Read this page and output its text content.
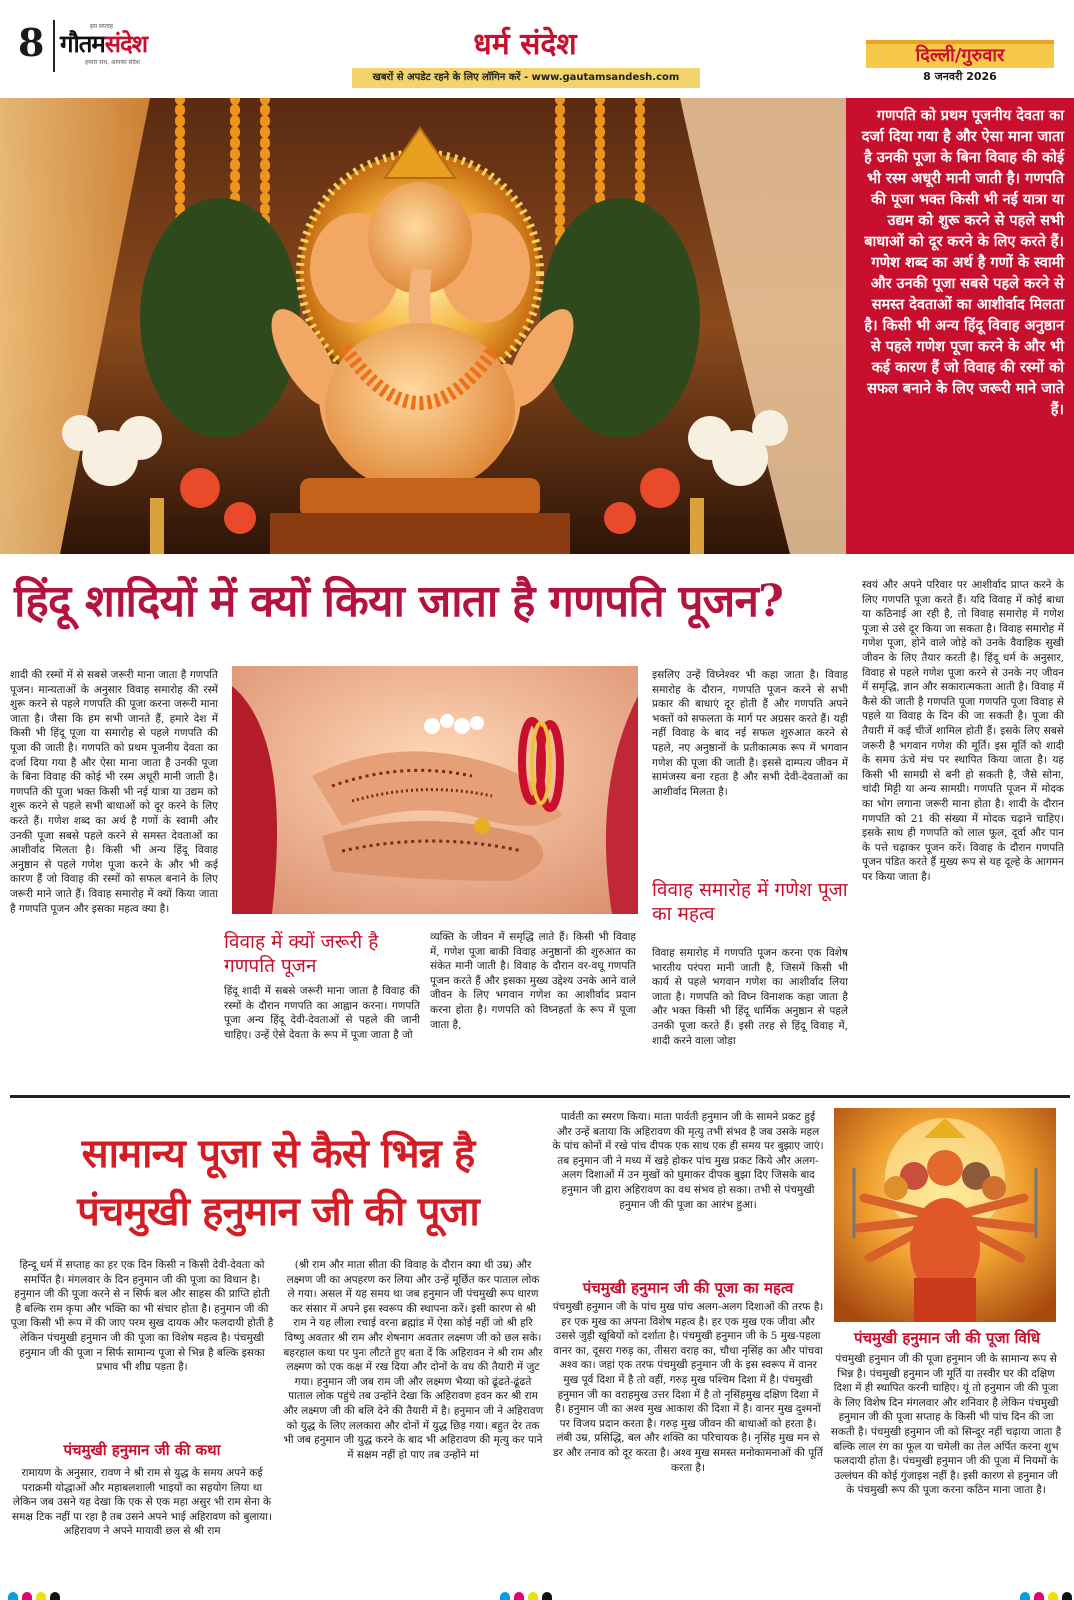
8	इस सप्ताह
गौतमसंदेश
हमारा सच, आपका संदेश
धर्म संदेश
खबरों से अपडेट रहने के लिए लॉगिन करें - www.gautamsandesh.com
दिल्ली/गुरुवार
8 जनवरी 2026
गणपति को प्रथम पूजनीय देवता का दर्जा दिया गया है और ऐसा माना जाता है उनकी पूजा के बिना विवाह की कोई भी रस्म अधूरी मानी जाती है। गणपति की पूजा भक्त किसी भी नई यात्रा या उद्यम को शुरू करने से पहले सभी बाधाओं को दूर करने के लिए करते हैं। गणेश शब्द का अर्थ है गणों के स्वामी और उनकी पूजा सबसे पहले करने से समस्त देवताओं का आशीर्वाद मिलता है। किसी भी अन्य हिंदू विवाह अनुष्ठान से पहले गणेश पूजा करने के और भी कई कारण हैं जो विवाह की रस्मों को सफल बनाने के लिए जरूरी माने जाते हैं।
हिंदू शादियों में क्यों किया जाता है गणपति पूजन?
शादी की रस्मों में से सबसे जरूरी माना जाता है गणपति पूजन। मान्यताओं के अनुसार विवाह समारोह की रस्में शुरू करने से पहले गणपति की पूजा करना जरूरी माना जाता है। जैसा कि हम सभी जानते हैं, हमारे देश में किसी भी हिंदू पूजा या समारोह से पहले गणपति की पूजा की जाती है। गणपति को प्रथम पूजनीय देवता का दर्जा दिया गया है और ऐसा माना जाता है उनकी पूजा के बिना विवाह की कोई भी रस्म अधूरी मानी जाती है। गणपति की पूजा भक्त किसी भी नई यात्रा या उद्यम को शुरू करने से पहले सभी बाधाओं को दूर करने के लिए करते हैं। गणेश शब्द का अर्थ है गणों के स्वामी और उनकी पूजा सबसे पहले करने से समस्त देवताओं का आशीर्वाद मिलता है। किसी भी अन्य हिंदू विवाह अनुष्ठान से पहले गणेश पूजा करने के और भी कई कारण हैं जो विवाह की रस्मों को सफल बनाने के लिए जरूरी माने जाते हैं। विवाह समारोह में क्यों किया जाता है गणपति पूजन और इसका महत्व क्या है।
विवाह में क्यों जरूरी है गणपति पूजन
हिंदू शादी में सबसे जरूरी माना जाता है विवाह की रस्मों के दौरान गणपति का आह्वान करना। गणपति पूजा अन्य हिंदू देवी-देवताओं से पहले की जानी चाहिए। उन्हें ऐसे देवता के रूप में पूजा जाता है जो
व्यक्ति के जीवन में समृद्धि लाते हैं। किसी भी विवाह में, गणेश पूजा बाकी विवाह अनुष्ठानों की शुरुआत का संकेत मानी जाती है। विवाह के दौरान वर-वधू गणपति पूजन करते हैं और इसका मुख्य उद्देश्य उनके आने वाले जीवन के लिए भगवान गणेश का आशीर्वाद प्रदान करना होता है। गणपति को विघ्नहर्ता के रूप में पूजा जाता है,
इसलिए उन्हें विघ्नेश्वर भी कहा जाता है। विवाह समारोह के दौरान, गणपति पूजन करने से सभी प्रकार की बाधाएं दूर होती हैं और गणपति अपने भक्तों को सफलता के मार्ग पर अग्रसर करते हैं। यही नहीं विवाह के बाद नई सफल शुरुआत करने से पहले, नए अनुष्ठानों के प्रतीकात्मक रूप में भगवान गणेश की पूजा की जाती है। इससे दाम्पत्य जीवन में सामंजस्य बना रहता है और सभी देवी-देवताओं का आशीर्वाद मिलता है।
विवाह समारोह में गणेश पूजा का महत्व
विवाह समारोह में गणपति पूजन करना एक विशेष भारतीय परंपरा मानी जाती है, जिसमें किसी भी कार्य से पहले भगवान गणेश का आशीर्वाद लिया जाता है। गणपति को विघ्न विनाशक कहा जाता है और भक्त किसी भी हिंदू धार्मिक अनुष्ठान से पहले उनकी पूजा करते हैं। इसी तरह से हिंदू विवाह में, शादी करने वाला जोड़ा
स्वयं और अपने परिवार पर आशीर्वाद प्राप्त करने के लिए गणपति पूजा करते हैं। यदि विवाह में कोई बाधा या कठिनाई आ रही है, तो विवाह समारोह में गणेश पूजा से उसे दूर किया जा सकता है। विवाह समारोह में गणेश पूजा, होने वाले जोड़े को उनके वैवाहिक सुखी जीवन के लिए तैयार करती है। हिंदू धर्म के अनुसार, विवाह से पहले गणेश पूजा करने से उनके नए जीवन में समृद्धि, ज्ञान और सकारात्मकता आती है। विवाह में कैसे की जाती है गणपति पूजा गणपति पूजा विवाह से पहले या विवाह के दिन की जा सकती है। पूजा की तैयारी में कई चीजें शामिल होती हैं। इसके लिए सबसे जरूरी है भगवान गणेश की मूर्ति। इस मूर्ति को शादी के समय ऊंचे मंच पर स्थापित किया जाता है। यह किसी भी सामग्री से बनी हो सकती है, जैसे सोना, चांदी मिट्टी या अन्य सामग्री। गणपति पूजन में मोदक का भोग लगाना जरूरी माना होता है। शादी के दौरान गणपति को 21 की संख्या में मोदक चढ़ाने चाहिए। इसके साथ ही गणपति को लाल फूल, दूर्वा और पान के पत्ते चढ़ाकर पूजन करें। विवाह के दौरान गणपति पूजन पंडित करते हैं मुख्य रूप से यह दूल्हे के आगमन पर किया जाता है।
सामान्य पूजा से कैसे भिन्न है
पंचमुखी हनुमान जी की पूजा
हिन्दू धर्म में सप्ताह का हर एक दिन किसी न किसी देवी-देवता को समर्पित है। मंगलवार के दिन हनुमान जी की पूजा का विधान है। हनुमान जी की पूजा करने से न सिर्फ बल और साहस की प्राप्ति होती है बल्कि राम कृपा और भक्ति का भी संचार होता है। हनुमान जी की पूजा किसी भी रूप में की जाए परम सुख दायक और फलदायी होती है लेकिन पंचमुखी हनुमान जी की पूजा का विशेष महत्व है। पंचमुखी हनुमान जी की पूजा न सिर्फ सामान्य पूजा से भिन्न है बल्कि इसका प्रभाव भी शीघ्र पड़ता है।
पंचमुखी हनुमान जी की कथा
रामायण के अनुसार, रावण ने श्री राम से युद्ध के समय अपने कई पराक्रमी योद्धाओं और महाबलशाली भाइयों का सहयोग लिया था लेकिन जब उसने यह देखा कि एक से एक महा असुर भी राम सेना के समक्ष टिक नहीं पा रहा है तब उसने अपने भाई अहिरावण को बुलाया। अहिरावण ने अपने मायावी छल से श्री राम
(श्री राम और माता सीता की विवाह के दौरान क्या थी उम्र) और लक्ष्मण जी का अपहरण कर लिया और उन्हें मूर्छित कर पाताल लोक ले गया। असल में यह समय था जब हनुमान जी पंचमुखी रूप धारण कर संसार में अपने इस स्वरूप की स्थापना करें। इसी कारण से श्री राम ने यह लीला रचाई वरना ब्रह्मांड में ऐसा कोई नहीं जो श्री हरि विष्णु अवतार श्री राम और शेषनाग अवतार लक्ष्मण जी को छल सके। बहरहाल कथा पर पुनः लौटते हुए बता दें कि अहिरावन ने श्री राम और लक्ष्मण को एक कक्ष में रख दिया और दोनों के वध की तैयारी में जुट गया। हनुमान जी जब राम जी और लक्ष्मण भैय्या को ढूंढते-ढूंढते पाताल लोक पहुंचे तब उन्होंने देखा कि अहिरावण हवन कर श्री राम और लक्ष्मण जी की बलि देने की तैयारी में है। हनुमान जी ने अहिरावण को युद्ध के लिए ललकारा और दोनों में युद्ध छिड़ गया। बहुत देर तक भी जब हनुमान जी युद्ध करने के बाद भी अहिरावण की मृत्यु कर पाने में सक्षम नहीं हो पाए तब उन्होंने मां
पार्वती का स्मरण किया। माता पार्वती हनुमान जी के सामने प्रकट हुई और उन्हें बताया कि अहिरावण की मृत्यु तभी संभव है जब उसके महल के पांच कोनों में रखे पांच दीपक एक साथ एक ही समय पर बुझाए जाएं। तब हनुमान जी ने मध्य में खड़े होकर पांच मुख प्रकट किये और अलग-अलग दिशाओं में उन मुखों को घुमाकर दीपक बुझा दिए जिसके बाद हनुमान जी द्वारा अहिरावण का वध संभव हो सका। तभी से पंचमुखी हनुमान जी की पूजा का आरंभ हुआ।
पंचमुखी हनुमान जी की पूजा का महत्व
पंचमुखी हनुमान जी के पांच मुख पांच अलग-अलग दिशाओं की तरफ है। हर एक मुख का अपना विशेष महत्व है। हर एक मुख एक जीवा और उससे जुड़ी खूबियों को दर्शाता है। पंचमुखी हनुमान जी के 5 मुख-पहला वानर का, दूसरा गरुड़ का, तीसरा वराह का, चौथा नृसिंह का और पांचवा अश्व का। जहां एक तरफ पंचमुखी हनुमान जी के इस स्वरूप में वानर मुख पूर्व दिशा में है तो वहीं, गरुड़ मुख पश्चिम दिशा में है। पंचमुखी हनुमान जी का वराहमुख उत्तर दिशा में है तो नृसिंहमुख दक्षिण दिशा में है। हनुमान जी का अश्व मुख आकाश की दिशा में है। वानर मुख दुश्मनों पर विजय प्रदान करता है। गरुड़ मुख जीवन की बाधाओं को हरता है। लंबी उम्र, प्रसिद्धि, बल और शक्ति का परिचायक है। नृसिंह मुख मन से डर और तनाव को दूर करता है। अश्व मुख समस्त मनोकामनाओं की पूर्ति करता है।
पंचमुखी हनुमान जी की पूजा विधि
पंचमुखी हनुमान जी की पूजा हनुमान जी के सामान्य रूप से भिन्न है। पंचमुखी हनुमान जी मूर्ति या तस्वीर घर की दक्षिण दिशा में ही स्थापित करनी चाहिए। यूं तो हनुमान जी की पूजा के लिए विशेष दिन मंगलवार और शनिवार है लेकिन पंचमुखी हनुमान जी की पूजा सप्ताह के किसी भी पांच दिन की जा सकती है। पंचमुखी हनुमान जी को सिन्दूर नहीं चढ़ाया जाता है बल्कि लाल रंग का फूल या चमेली का तेल अर्पित करना शुभ फलदायी होता है। पंचमुखी हनुमान जी की पूजा में नियमों के उल्लंघन की कोई गुंजाइश नहीं है। इसी कारण से हनुमान जी के पंचमुखी रूप की पूजा करना कठिन माना जाता है।
